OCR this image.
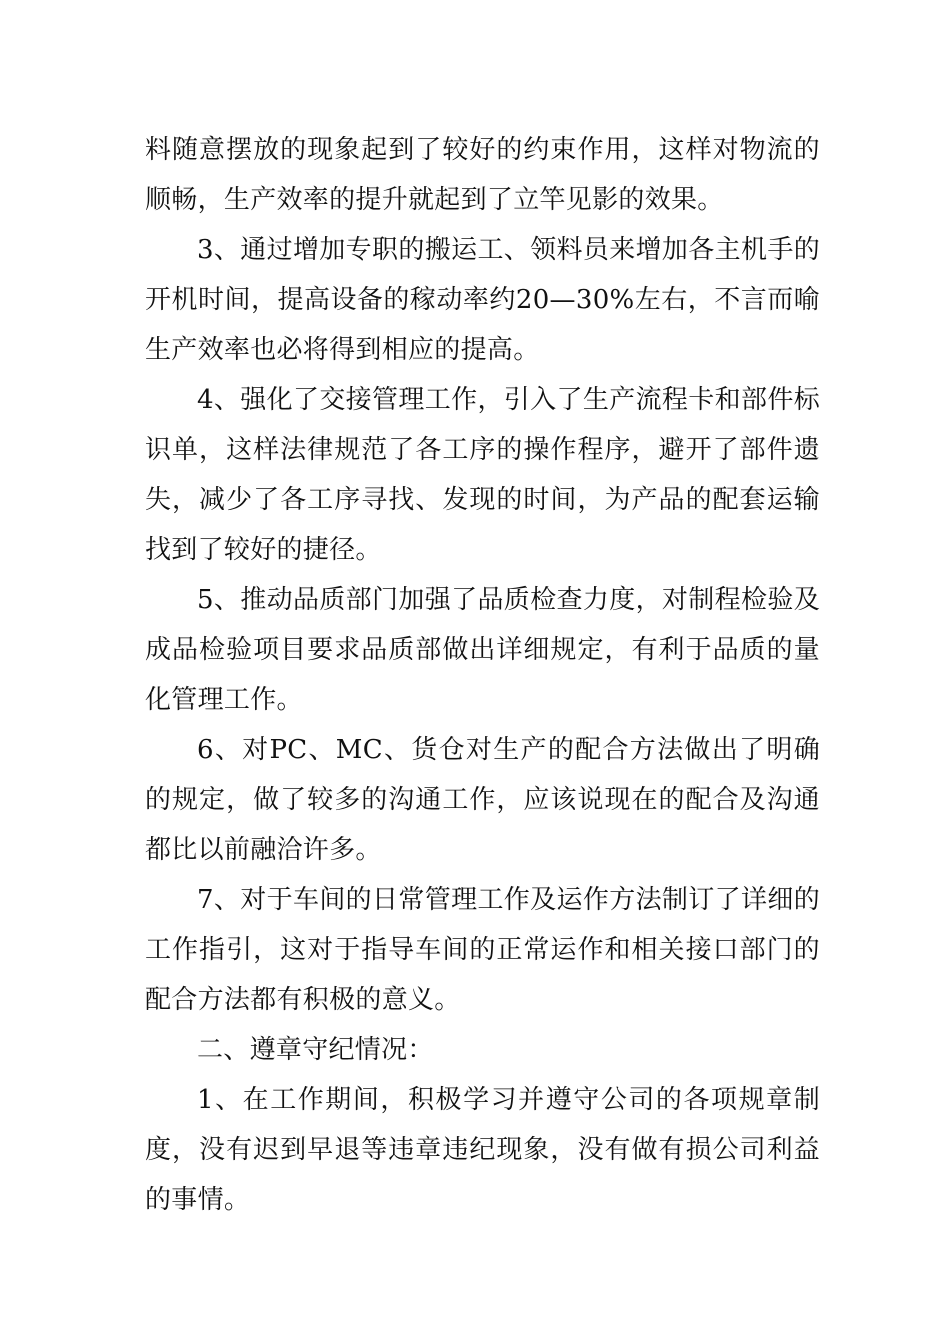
料随意摆放的现象起到了较好的约束作用，这样对物流的顺畅，生产效率的提升就起到了立竿见影的效果。

3、通过增加专职的搬运工、领料员来增加各主机手的开机时间，提高设备的稼动率约20—30%左右，不言而喻生产效率也必将得到相应的提高。

4、强化了交接管理工作，引入了生产流程卡和部件标识单，这样法律规范了各工序的操作程序，避开了部件遗失，减少了各工序寻找、发现的时间，为产品的配套运输找到了较好的捷径。

5、推动品质部门加强了品质检查力度，对制程检验及成品检验项目要求品质部做出详细规定，有利于品质的量化管理工作。

6、对PC、MC、货仓对生产的配合方法做出了明确的规定，做了较多的沟通工作，应该说现在的配合及沟通都比以前融洽许多。

7、对于车间的日常管理工作及运作方法制订了详细的工作指引，这对于指导车间的正常运作和相关接口部门的配合方法都有积极的意义。

二、遵章守纪情况：

1、在工作期间，积极学习并遵守公司的各项规章制度，没有迟到早退等违章违纪现象，没有做有损公司利益的事情。
